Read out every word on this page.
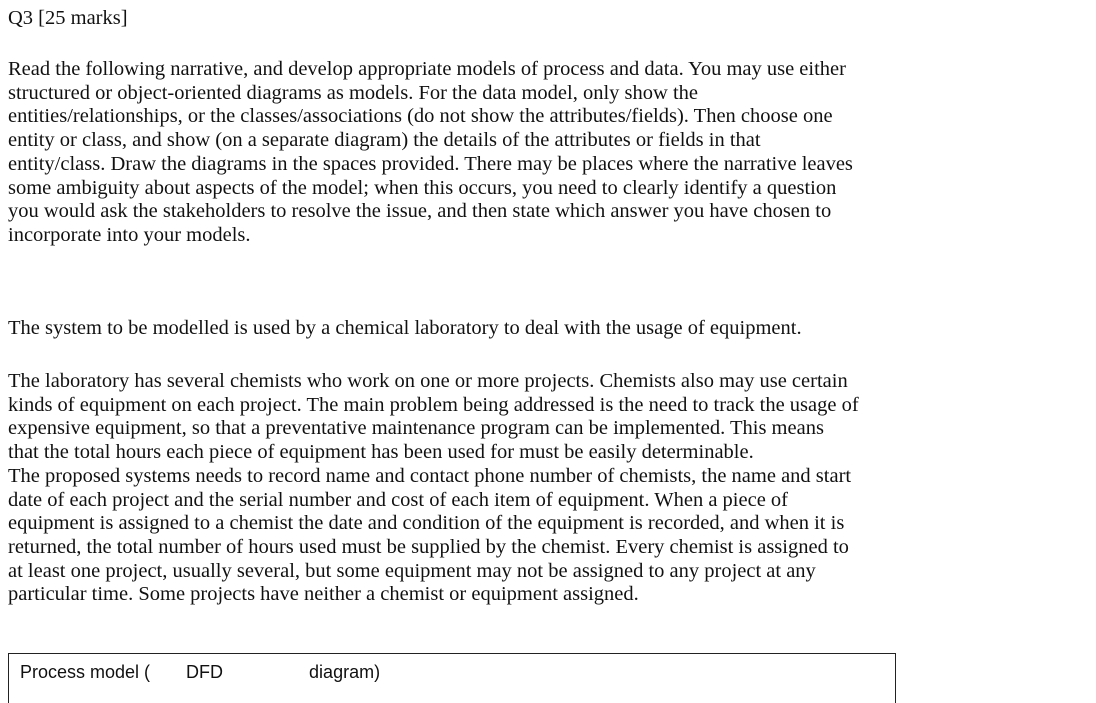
Q3 [25 marks]

Read the following narrative, and develop appropriate models of process and data. You may use either
structured or object-oriented diagrams as models. For the data model, only show the
entities/relationships, or the classes/associations (do not show the attributes/fields). Then choose one
entity or class, and show (on a separate diagram) the details of the attributes or fields in that
entity/class. Draw the diagrams in the spaces provided. There may be places where the narrative leaves
some ambiguity about aspects of the model; when this occurs, you need to clearly identify a question
you would ask the stakeholders to resolve the issue, and then state which answer you have chosen to
incorporate into your models.

The system to be modelled is used by a chemical laboratory to deal with the usage of equipment.

The laboratory has several chemists who work on one or more projects. Chemists also may use certain
kinds of equipment on each project. The main problem being addressed is the need to track the usage of
expensive equipment, so that a preventative maintenance program can be implemented. This means
that the total hours each piece of equipment has been used for must be easily determinable.
The proposed systems needs to record name and contact phone number of chemists, the name and start
date of each project and the serial number and cost of each item of equipment. When a piece of
equipment is assigned to a chemist the date and condition of the equipment is recorded, and when it is
returned, the total number of hours used must be supplied by the chemist. Every chemist is assigned to
at least one project, usually several, but some equipment may not be assigned to any project at any
particular time. Some projects have neither a chemist or equipment assigned.

Process model ( DFD	diagram)
